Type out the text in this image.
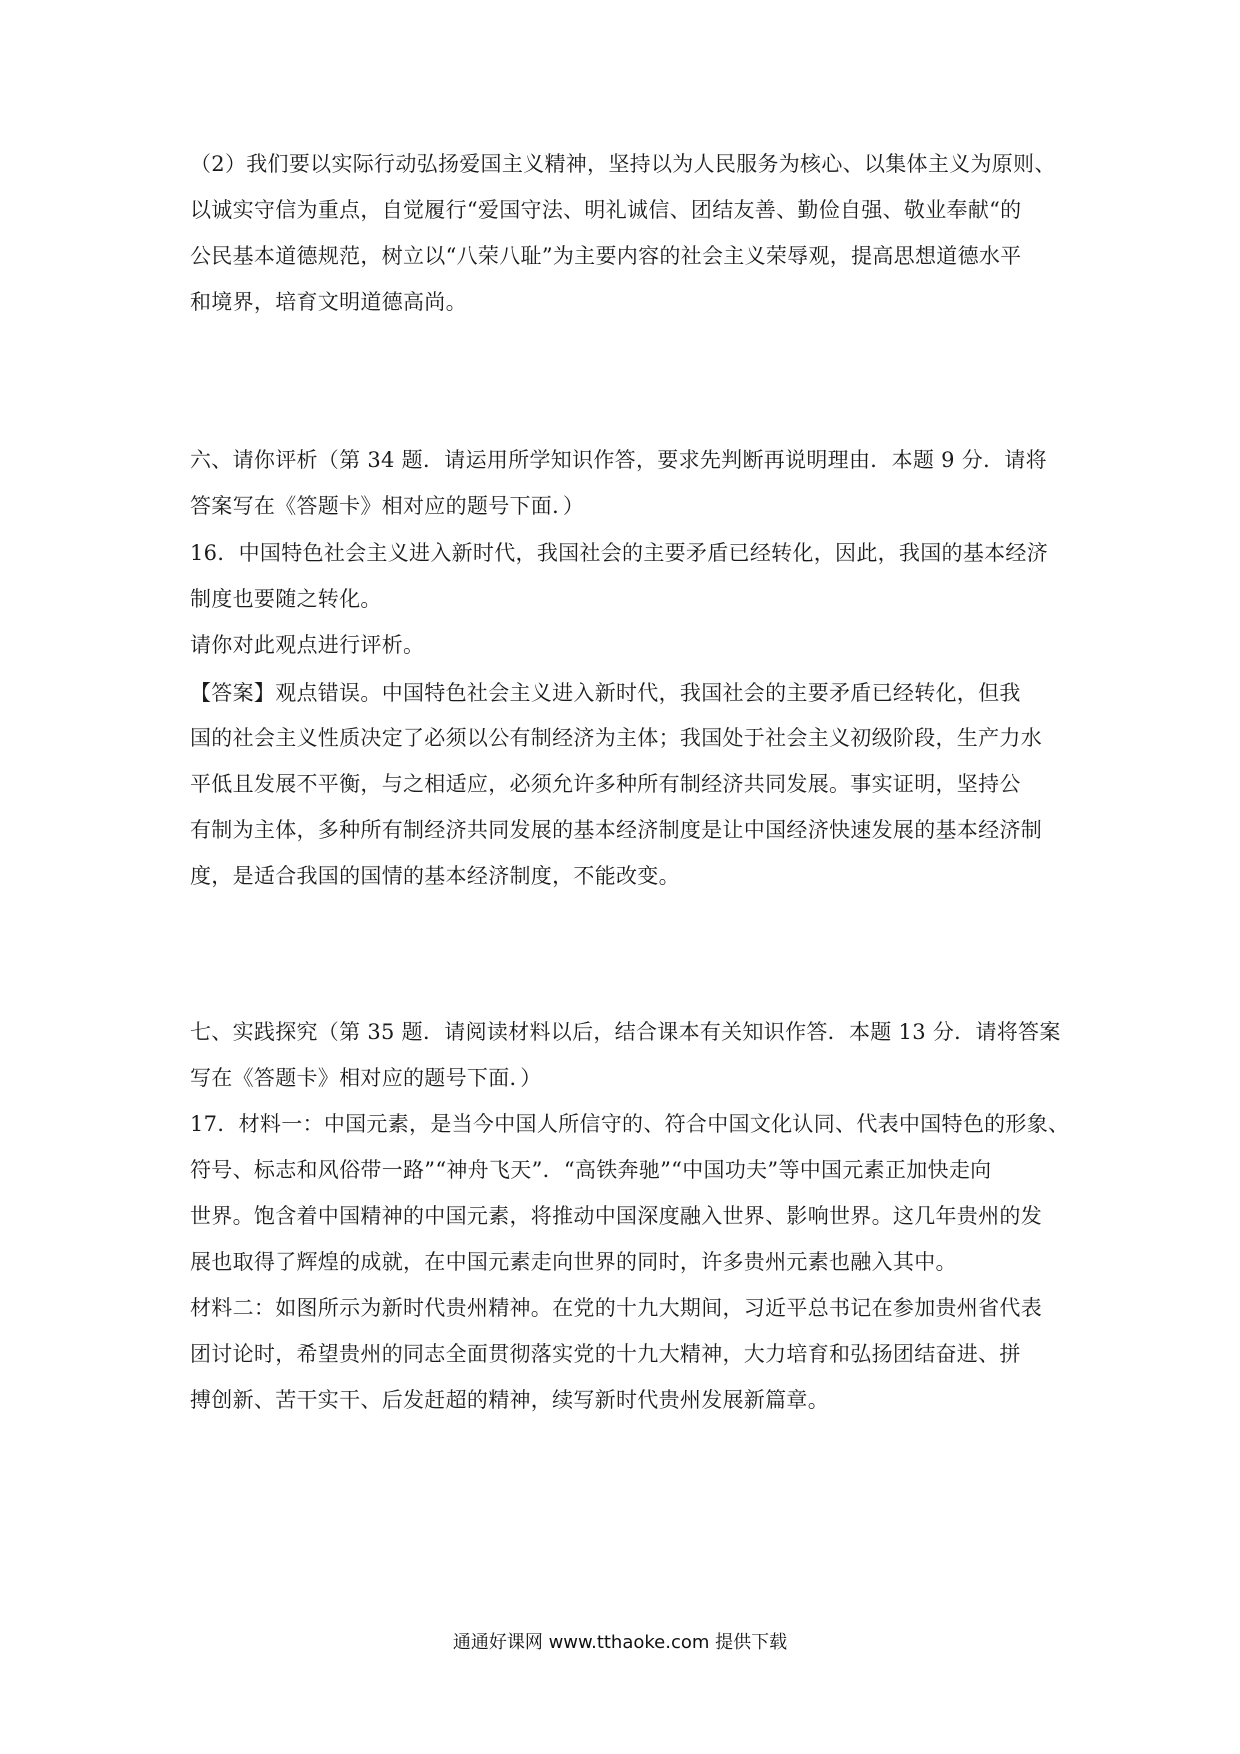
（2）我们要以实际行动弘扬爱国主义精神，坚持以为人民服务为核心、以集体主义为原则、
以诚实守信为重点，自觉履行“爱国守法、明礼诚信、团结友善、勤俭自强、敬业奉献“的
公民基本道德规范，树立以“八荣八耻”为主要内容的社会主义荣辱观，提高思想道德水平
和境界，培育文明道德高尚。
六、请你评析（第 34 题．请运用所学知识作答，要求先判断再说明理由．本题 9 分．请将
答案写在《答题卡》相对应的题号下面．）
16．中国特色社会主义进入新时代，我国社会的主要矛盾已经转化，因此，我国的基本经济
制度也要随之转化。
请你对此观点进行评析。
【答案】观点错误。中国特色社会主义进入新时代，我国社会的主要矛盾已经转化，但我
国的社会主义性质决定了必须以公有制经济为主体；我国处于社会主义初级阶段，生产力水
平低且发展不平衡，与之相适应，必须允许多种所有制经济共同发展。事实证明，坚持公
有制为主体，多种所有制经济共同发展的基本经济制度是让中国经济快速发展的基本经济制
度，是适合我国的国情的基本经济制度，不能改变。
七、实践探究（第 35 题．请阅读材料以后，结合课本有关知识作答．本题 13 分．请将答案
写在《答题卡》相对应的题号下面．）
17．材料一：中国元素，是当今中国人所信守的、符合中国文化认同、代表中国特色的形象、
符号、标志和风俗带一路”“神舟飞天”．“高铁奔驰”“中国功夫”等中国元素正加快走向
世界。饱含着中国精神的中国元素，将推动中国深度融入世界、影响世界。这几年贵州的发
展也取得了辉煌的成就，在中国元素走向世界的同时，许多贵州元素也融入其中。
材料二：如图所示为新时代贵州精神。在党的十九大期间，习近平总书记在参加贵州省代表
团讨论时，希望贵州的同志全面贯彻落实党的十九大精神，大力培育和弘扬团结奋进、拼
搏创新、苦干实干、后发赶超的精神，续写新时代贵州发展新篇章。
通通好课网 www.tthaoke.com 提供下载
